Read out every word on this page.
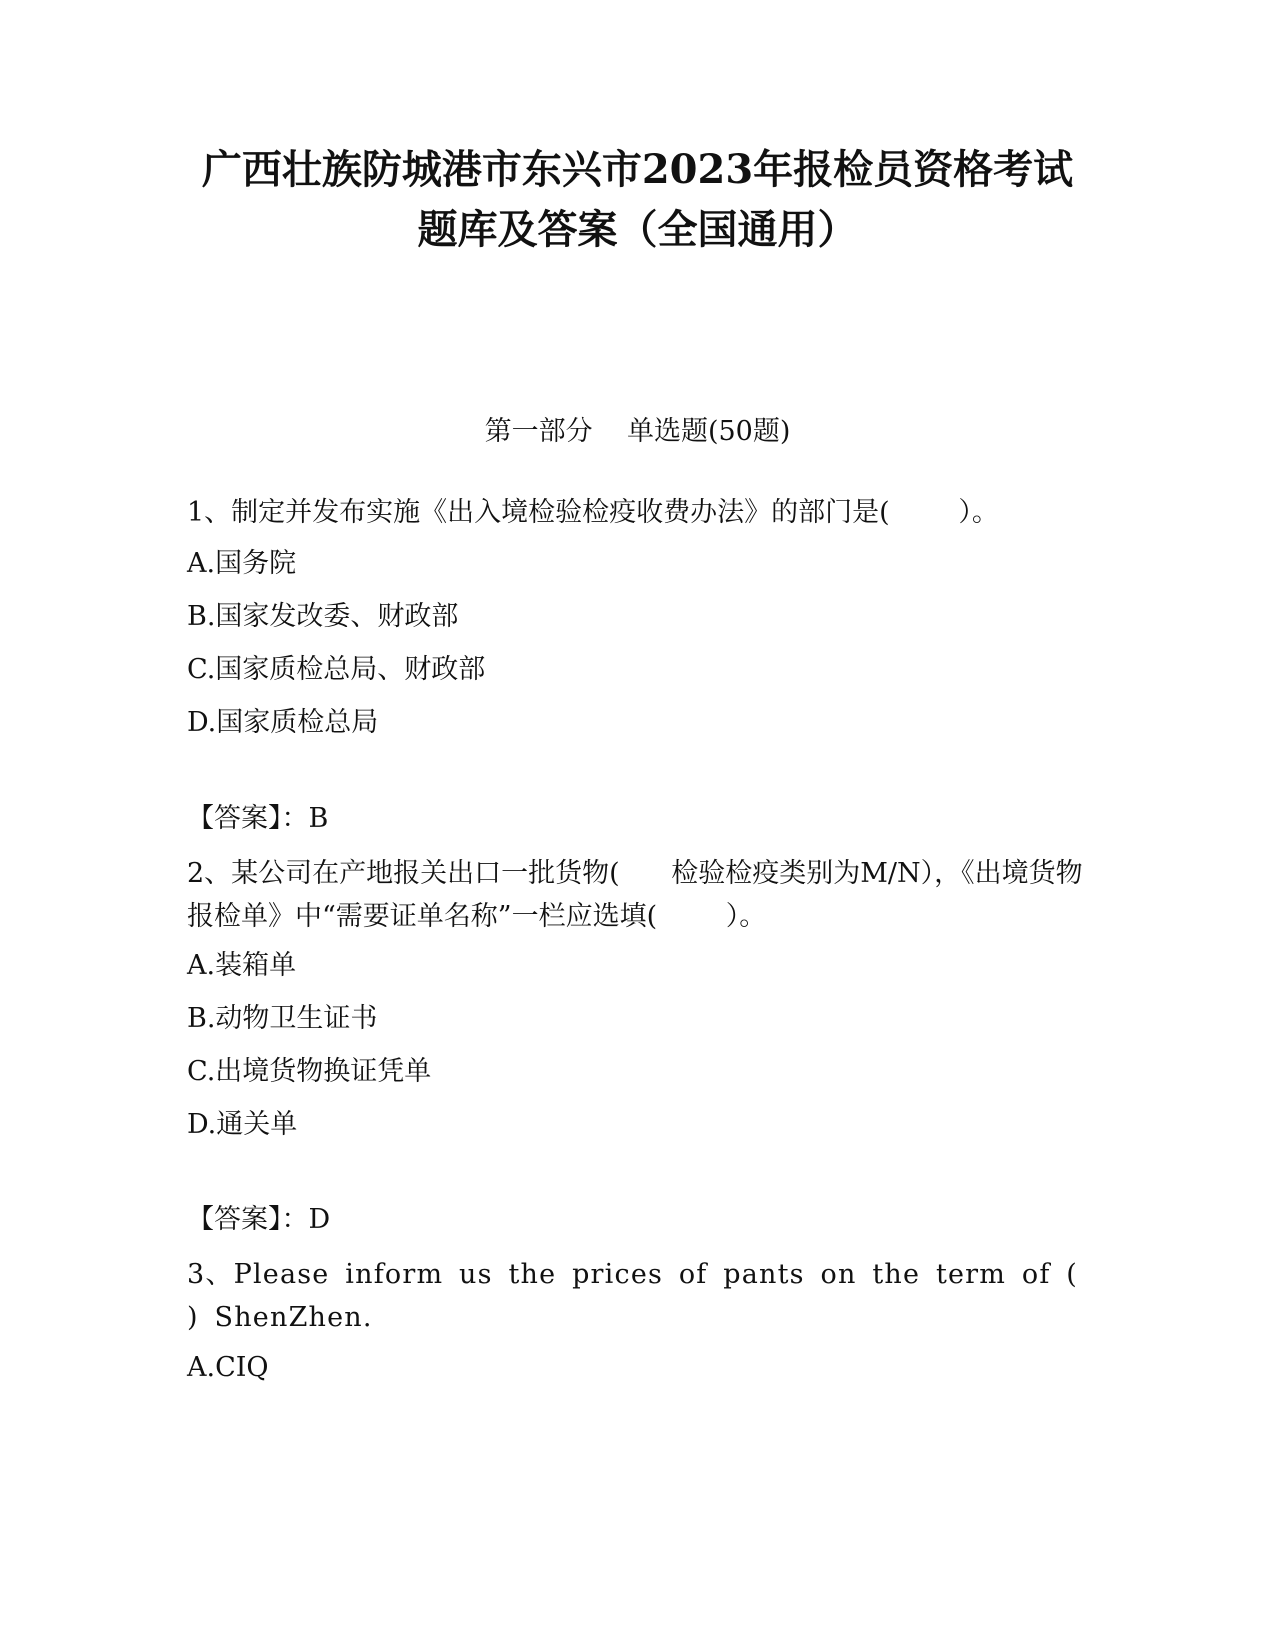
广西壮族防城港市东兴市2023年报检员资格考试
题库及答案（全国通用）
第一部分    单选题(50题)
1、制定并发布实施《出入境检验检疫收费办法》的部门是(        ）。
A.国务院
B.国家发改委、财政部
C.国家质检总局、财政部
D.国家质检总局
【答案】：B
2、某公司在产地报关出口一批货物(      检验检疫类别为M/N），《出境货物报检单》中“需要证单名称”一栏应选填(        ）。
A.装箱单
B.动物卫生证书
C.出境货物换证凭单
D.通关单
【答案】：D
3、Please inform us the prices of pants on the term of (     ) ShenZhen.
A.CIQ
